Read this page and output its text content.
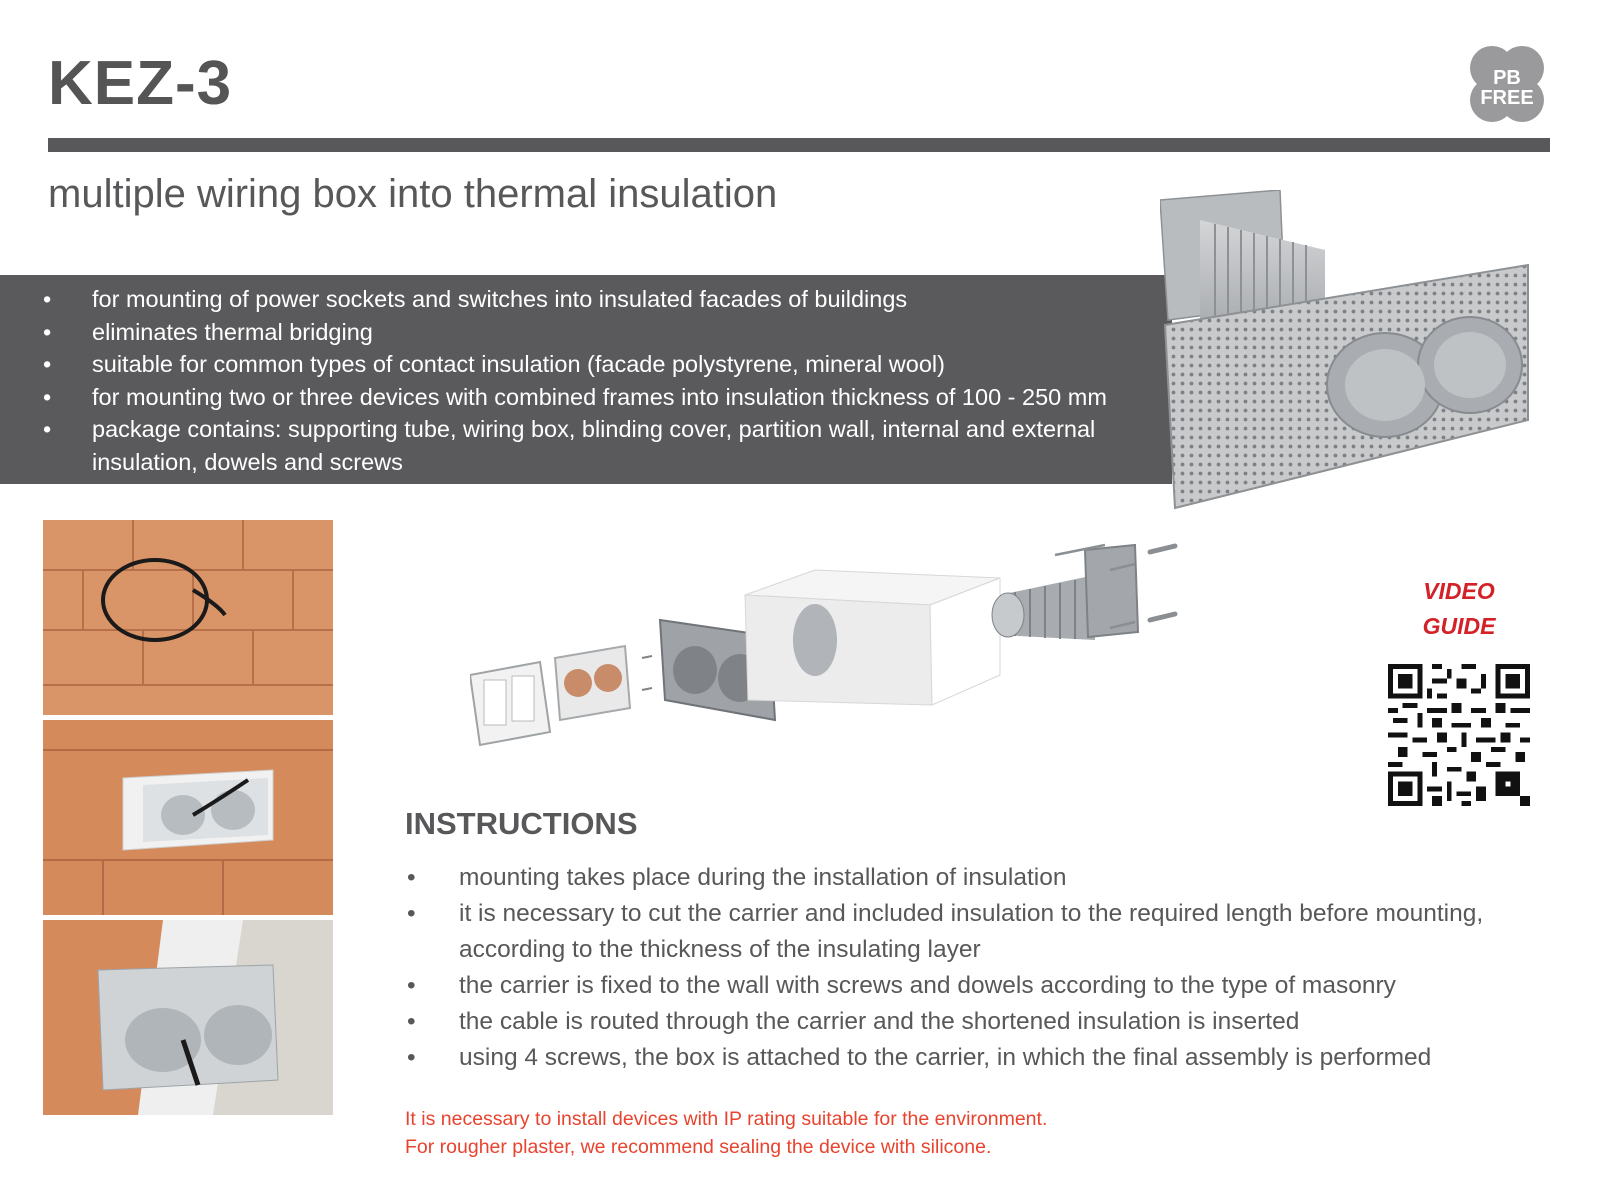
KEZ-3	PB
FREE
multiple wiring box into thermal insulation
• for mounting of power sockets and switches into insulated facades of buildings
• eliminates thermal bridging
• suitable for common types of contact insulation (facade polystyrene, mineral wool)
• for mounting two or three devices with combined frames into insulation thickness of 100 - 250 mm
• package contains: supporting tube, wiring box, blinding cover, partition wall, internal and external insulation, dowels and screws
VIDEO
GUIDE
INSTRUCTIONS
• mounting takes place during the installation of insulation
• it is necessary to cut the carrier and included insulation to the required length before mounting, according to the thickness of the insulating layer
• the carrier is fixed to the wall with screws and dowels according to the type of masonry
• the cable is routed through the carrier and the shortened insulation is inserted
• using 4 screws, the box is attached to the carrier, in which the final assembly is performed
It is necessary to install devices with IP rating suitable for the environment.
For rougher plaster, we recommend sealing the device with silicone.
